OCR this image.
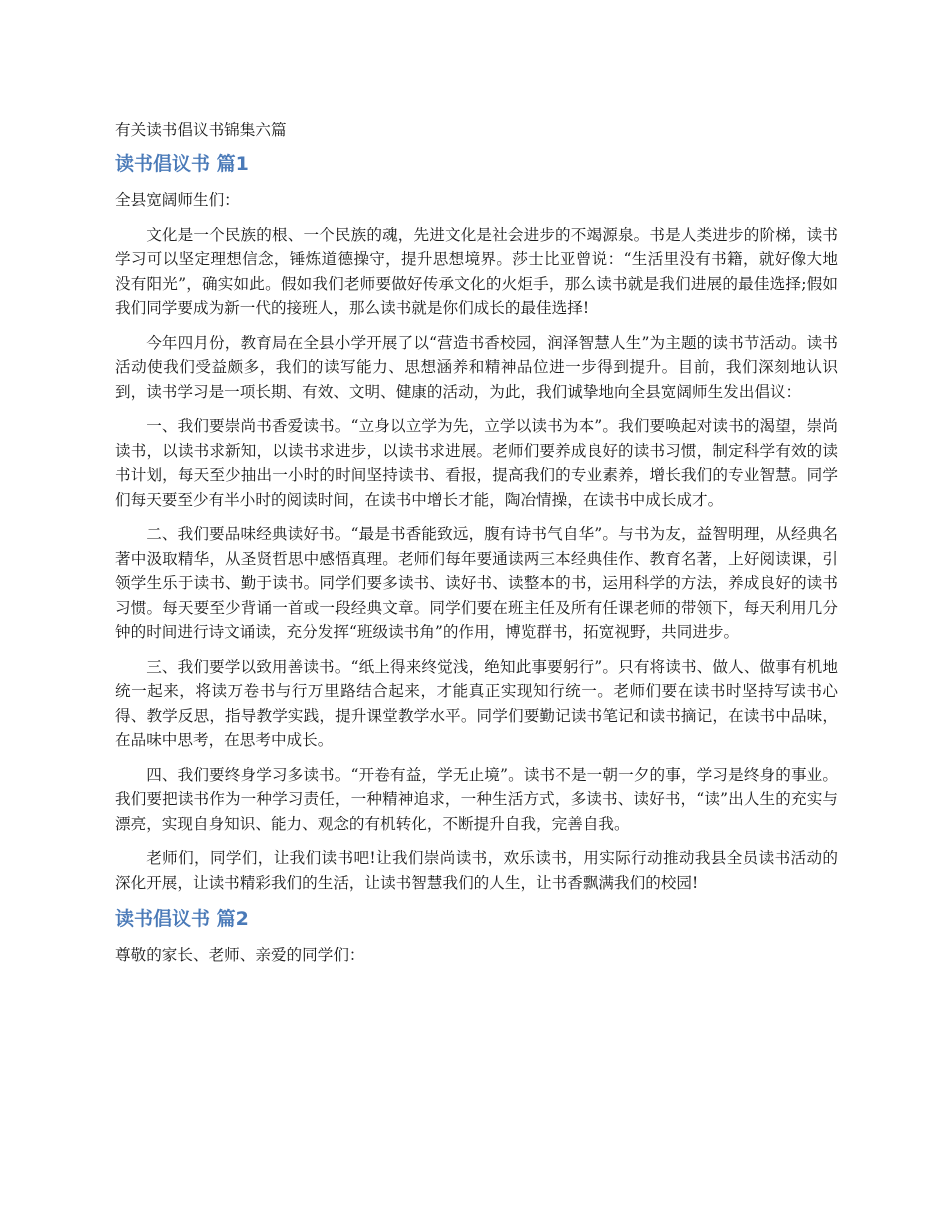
有关读书倡议书锦集六篇

读书倡议书 篇1

全县宽阔师生们：

文化是一个民族的根、一个民族的魂，先进文化是社会进步的不竭源泉。书是人类进步的阶梯，读书学习可以坚定理想信念，锤炼道德操守，提升思想境界。莎士比亚曾说：“生活里没有书籍，就好像大地没有阳光”，确实如此。假如我们老师要做好传承文化的火炬手，那么读书就是我们进展的最佳选择;假如我们同学要成为新一代的接班人，那么读书就是你们成长的最佳选择!

今年四月份，教育局在全县小学开展了以“营造书香校园，润泽智慧人生”为主题的读书节活动。读书活动使我们受益颇多，我们的读写能力、思想涵养和精神品位进一步得到提升。目前，我们深刻地认识到，读书学习是一项长期、有效、文明、健康的活动，为此，我们诚挚地向全县宽阔师生发出倡议：

一、我们要崇尚书香爱读书。“立身以立学为先，立学以读书为本”。我们要唤起对读书的渴望，崇尚读书，以读书求新知，以读书求进步，以读书求进展。老师们要养成良好的读书习惯，制定科学有效的读书计划，每天至少抽出一小时的时间坚持读书、看报，提高我们的专业素养，增长我们的专业智慧。同学们每天要至少有半小时的阅读时间，在读书中增长才能，陶冶情操，在读书中成长成才。

二、我们要品味经典读好书。“最是书香能致远，腹有诗书气自华”。与书为友，益智明理，从经典名著中汲取精华，从圣贤哲思中感悟真理。老师们每年要通读两三本经典佳作、教育名著，上好阅读课，引领学生乐于读书、勤于读书。同学们要多读书、读好书、读整本的书，运用科学的方法，养成良好的读书习惯。每天要至少背诵一首或一段经典文章。同学们要在班主任及所有任课老师的带领下，每天利用几分钟的时间进行诗文诵读，充分发挥“班级读书角”的作用，博览群书，拓宽视野，共同进步。

三、我们要学以致用善读书。“纸上得来终觉浅，绝知此事要躬行”。只有将读书、做人、做事有机地统一起来，将读万卷书与行万里路结合起来，才能真正实现知行统一。老师们要在读书时坚持写读书心得、教学反思，指导教学实践，提升课堂教学水平。同学们要勤记读书笔记和读书摘记，在读书中品味，在品味中思考，在思考中成长。

四、我们要终身学习多读书。“开卷有益，学无止境”。读书不是一朝一夕的事，学习是终身的事业。我们要把读书作为一种学习责任，一种精神追求，一种生活方式，多读书、读好书，“读”出人生的充实与漂亮，实现自身知识、能力、观念的有机转化，不断提升自我，完善自我。

老师们，同学们，让我们读书吧!让我们崇尚读书，欢乐读书，用实际行动推动我县全员读书活动的深化开展，让读书精彩我们的生活，让读书智慧我们的人生，让书香飘满我们的校园!

读书倡议书 篇2

尊敬的家长、老师、亲爱的同学们：
